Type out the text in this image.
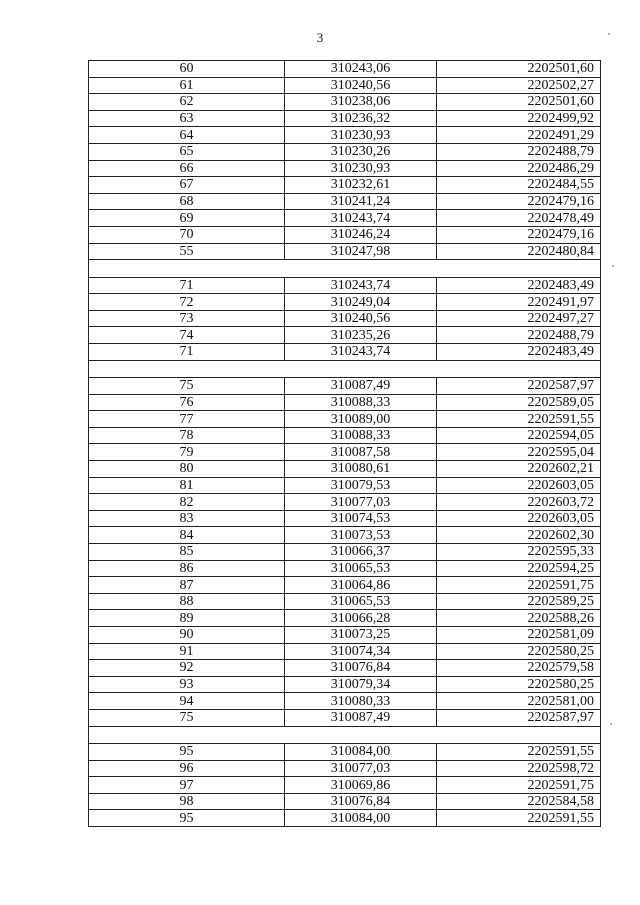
3
60	310243,06	2202501,60
61	310240,56	2202502,27
62	310238,06	2202501,60
63	310236,32	2202499,92
64	310230,93	2202491,29
65	310230,26	2202488,79
66	310230,93	2202486,29
67	310232,61	2202484,55
68	310241,24	2202479,16
69	310243,74	2202478,49
70	310246,24	2202479,16
55	310247,98	2202480,84

71	310243,74	2202483,49
72	310249,04	2202491,97
73	310240,56	2202497,27
74	310235,26	2202488,79
71	310243,74	2202483,49

75	310087,49	2202587,97
76	310088,33	2202589,05
77	310089,00	2202591,55
78	310088,33	2202594,05
79	310087,58	2202595,04
80	310080,61	2202602,21
81	310079,53	2202603,05
82	310077,03	2202603,72
83	310074,53	2202603,05
84	310073,53	2202602,30
85	310066,37	2202595,33
86	310065,53	2202594,25
87	310064,86	2202591,75
88	310065,53	2202589,25
89	310066,28	2202588,26
90	310073,25	2202581,09
91	310074,34	2202580,25
92	310076,84	2202579,58
93	310079,34	2202580,25
94	310080,33	2202581,00
75	310087,49	2202587,97

95	310084,00	2202591,55
96	310077,03	2202598,72
97	310069,86	2202591,75
98	310076,84	2202584,58
95	310084,00	2202591,55
